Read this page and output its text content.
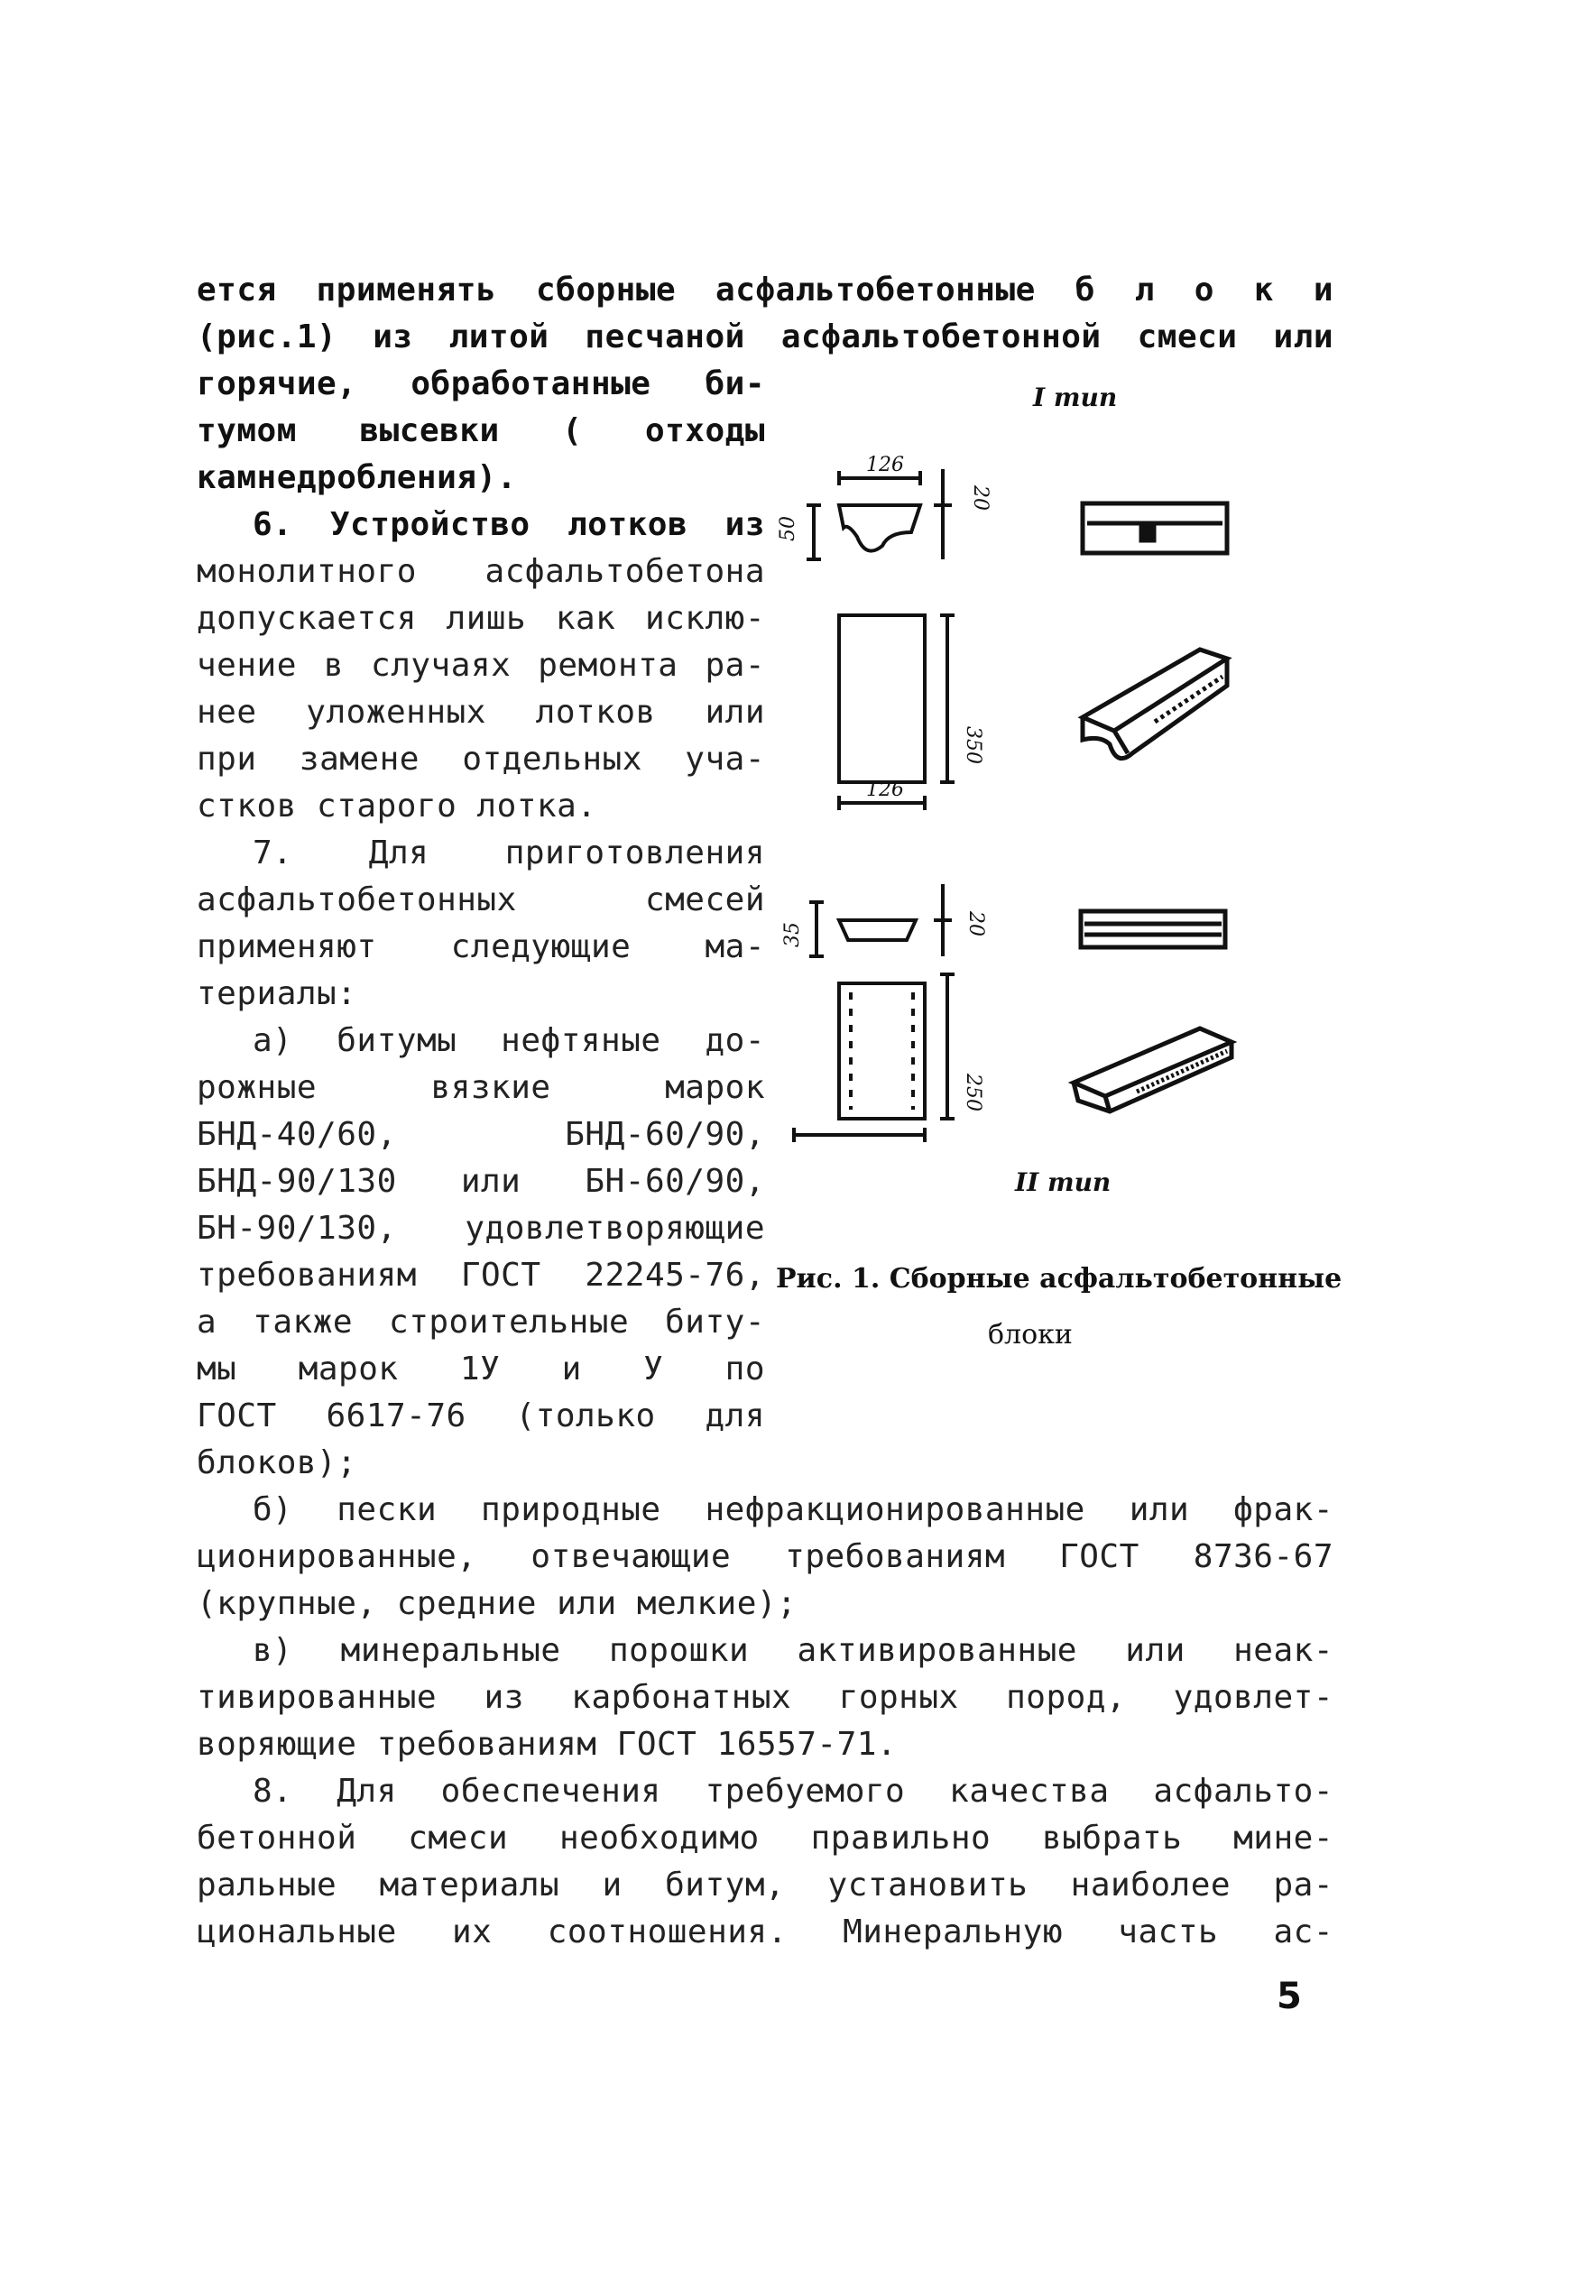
ется применять сборные асфальтобетонные б л о к и
(рис.1) из литой песчаной асфальтобетонной смеси или
горячие, обработанные би-
тумом высевки ( отходы
камнедробления).
6. Устройство лотков из
монолитного асфальтобетона
допускается лишь как исклю-
чение в случаях ремонта ра-
нее уложенных лотков или
при замене отдельных уча-
стков старого лотка.
7. Для приготовления
асфальтобетонных смесей
применяют следующие ма-
териалы:
а) битумы нефтяные до-
рожные вязкие марок
БНД-40/60, БНД-60/90,
БНД-90/130 или БН-60/90,
БН-90/130, удовлетворяющие
требованиям ГОСТ 22245-76,
а также строительные биту-
мы марок 1У и У по
ГОСТ 6617-76 (только для
блоков);
б) пески природные нефракционированные или фрак-
ционированные, отвечающие требованиям ГОСТ 8736-67
(крупные, средние или мелкие);
в) минеральные порошки активированные или неак-
тивированные из карбонатных горных пород, удовлет-
воряющие требованиям ГОСТ 16557-71.
8. Для обеспечения требуемого качества асфальто-
бетонной смеси необходимо правильно выбрать мине-
ральные материалы и битум, установить наиболее ра-
циональные их соотношения. Минеральную часть ас-
I тип
126
50
20
350
126
35	20
250
II тип
Рис. 1. Сборные асфальтобетонные
блоки
5
